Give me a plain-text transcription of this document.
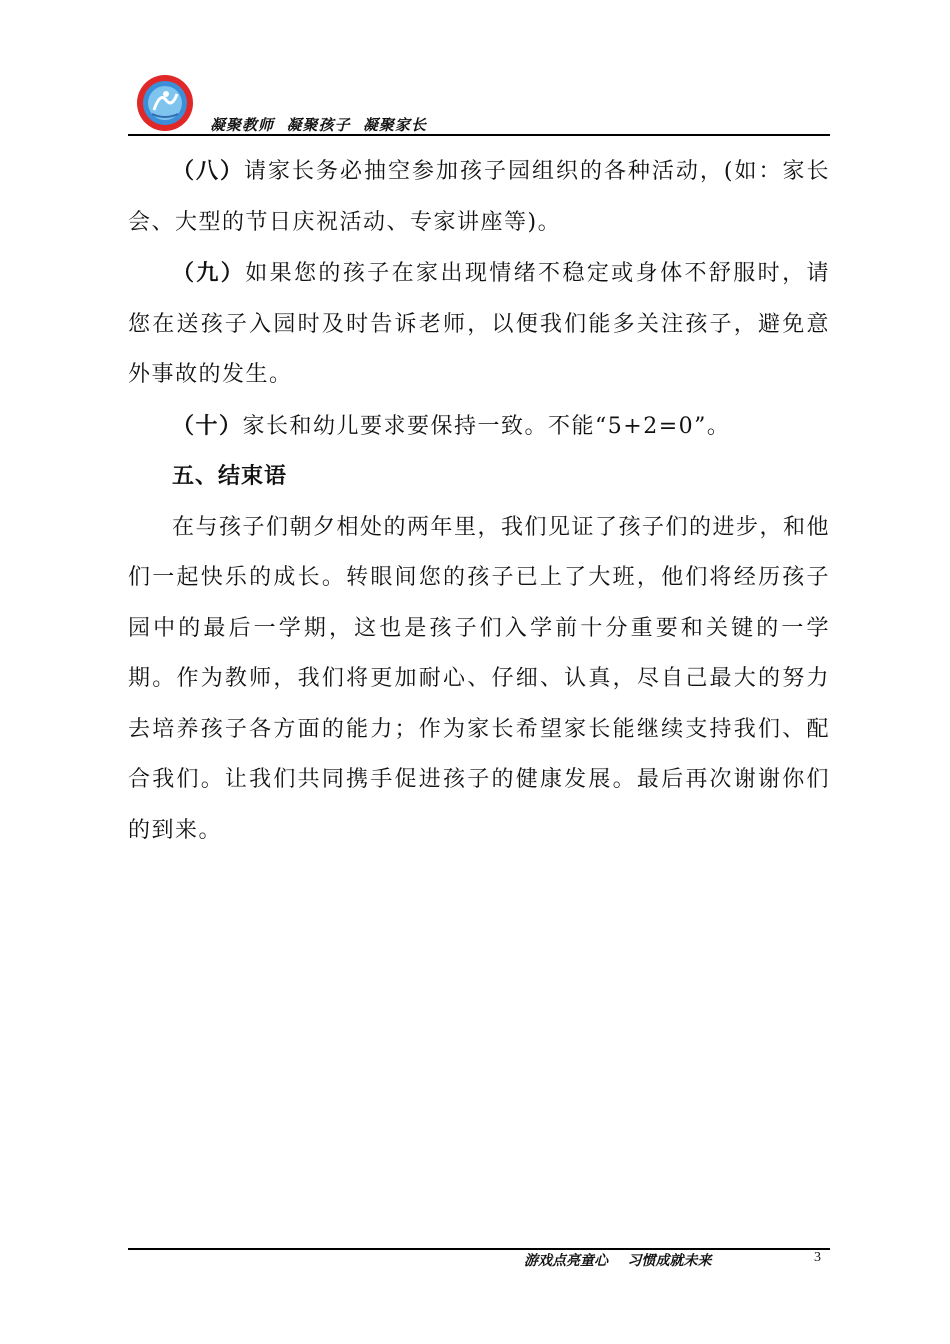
凝聚教师  凝聚孩子  凝聚家长

（八）请家长务必抽空参加孩子园组织的各种活动，(如：家长会、大型的节日庆祝活动、专家讲座等)。

（九）如果您的孩子在家出现情绪不稳定或身体不舒服时，请您在送孩子入园时及时告诉老师，以便我们能多关注孩子，避免意外事故的发生。

（十）家长和幼儿要求要保持一致。不能“5+2=0”。

五、结束语

在与孩子们朝夕相处的两年里，我们见证了孩子们的进步，和他们一起快乐的成长。转眼间您的孩子已上了大班，他们将经历孩子园中的最后一学期，这也是孩子们入学前十分重要和关键的一学期。作为教师，我们将更加耐心、仔细、认真，尽自己最大的努力去培养孩子各方面的能力；作为家长希望家长能继续支持我们、配合我们。让我们共同携手促进孩子的健康发展。最后再次谢谢你们的到来。

游戏点亮童心    习惯成就未来	3
